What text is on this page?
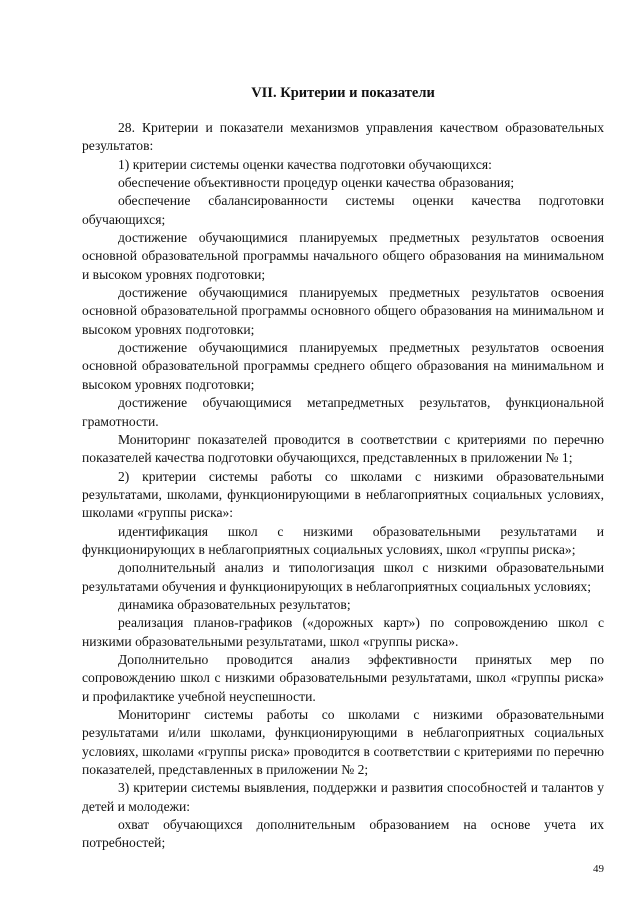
VII. Критерии и показатели

28. Критерии и показатели механизмов управления качеством образовательных результатов:

1) критерии системы оценки качества подготовки обучающихся:

обеспечение объективности процедур оценки качества образования;

обеспечение сбалансированности системы оценки качества подготовки обучающихся;

достижение обучающимися планируемых предметных результатов освоения основной образовательной программы начального общего образования на минимальном и высоком уровнях подготовки;

достижение обучающимися планируемых предметных результатов освоения основной образовательной программы основного общего образования на минимальном и высоком уровнях подготовки;

достижение обучающимися планируемых предметных результатов освоения основной образовательной программы среднего общего образования на минимальном и высоком уровнях подготовки;

достижение обучающимися метапредметных результатов, функциональной грамотности.

Мониторинг показателей проводится в соответствии с критериями по перечню показателей качества подготовки обучающихся, представленных в приложении № 1;

2) критерии системы работы со школами с низкими образовательными результатами, школами, функционирующими в неблагоприятных социальных условиях, школами «группы риска»:

идентификация школ с низкими образовательными результатами и функционирующих в неблагоприятных социальных условиях, школ «группы риска»;

дополнительный анализ и типологизация школ с низкими образовательными результатами обучения и функционирующих в неблагоприятных социальных условиях;

динамика образовательных результатов;

реализация планов-графиков («дорожных карт») по сопровождению школ с низкими образовательными результатами, школ «группы риска».

Дополнительно проводится анализ эффективности принятых мер по сопровождению школ с низкими образовательными результатами, школ «группы риска» и профилактике учебной неуспешности.

Мониторинг системы работы со школами с низкими образовательными результатами и/или школами, функционирующими в неблагоприятных социальных условиях, школами «группы риска» проводится в соответствии с критериями по перечню показателей, представленных в приложении № 2;

3) критерии системы выявления, поддержки и развития способностей и талантов у детей и молодежи:

охват обучающихся дополнительным образованием на основе учета их потребностей;

49
